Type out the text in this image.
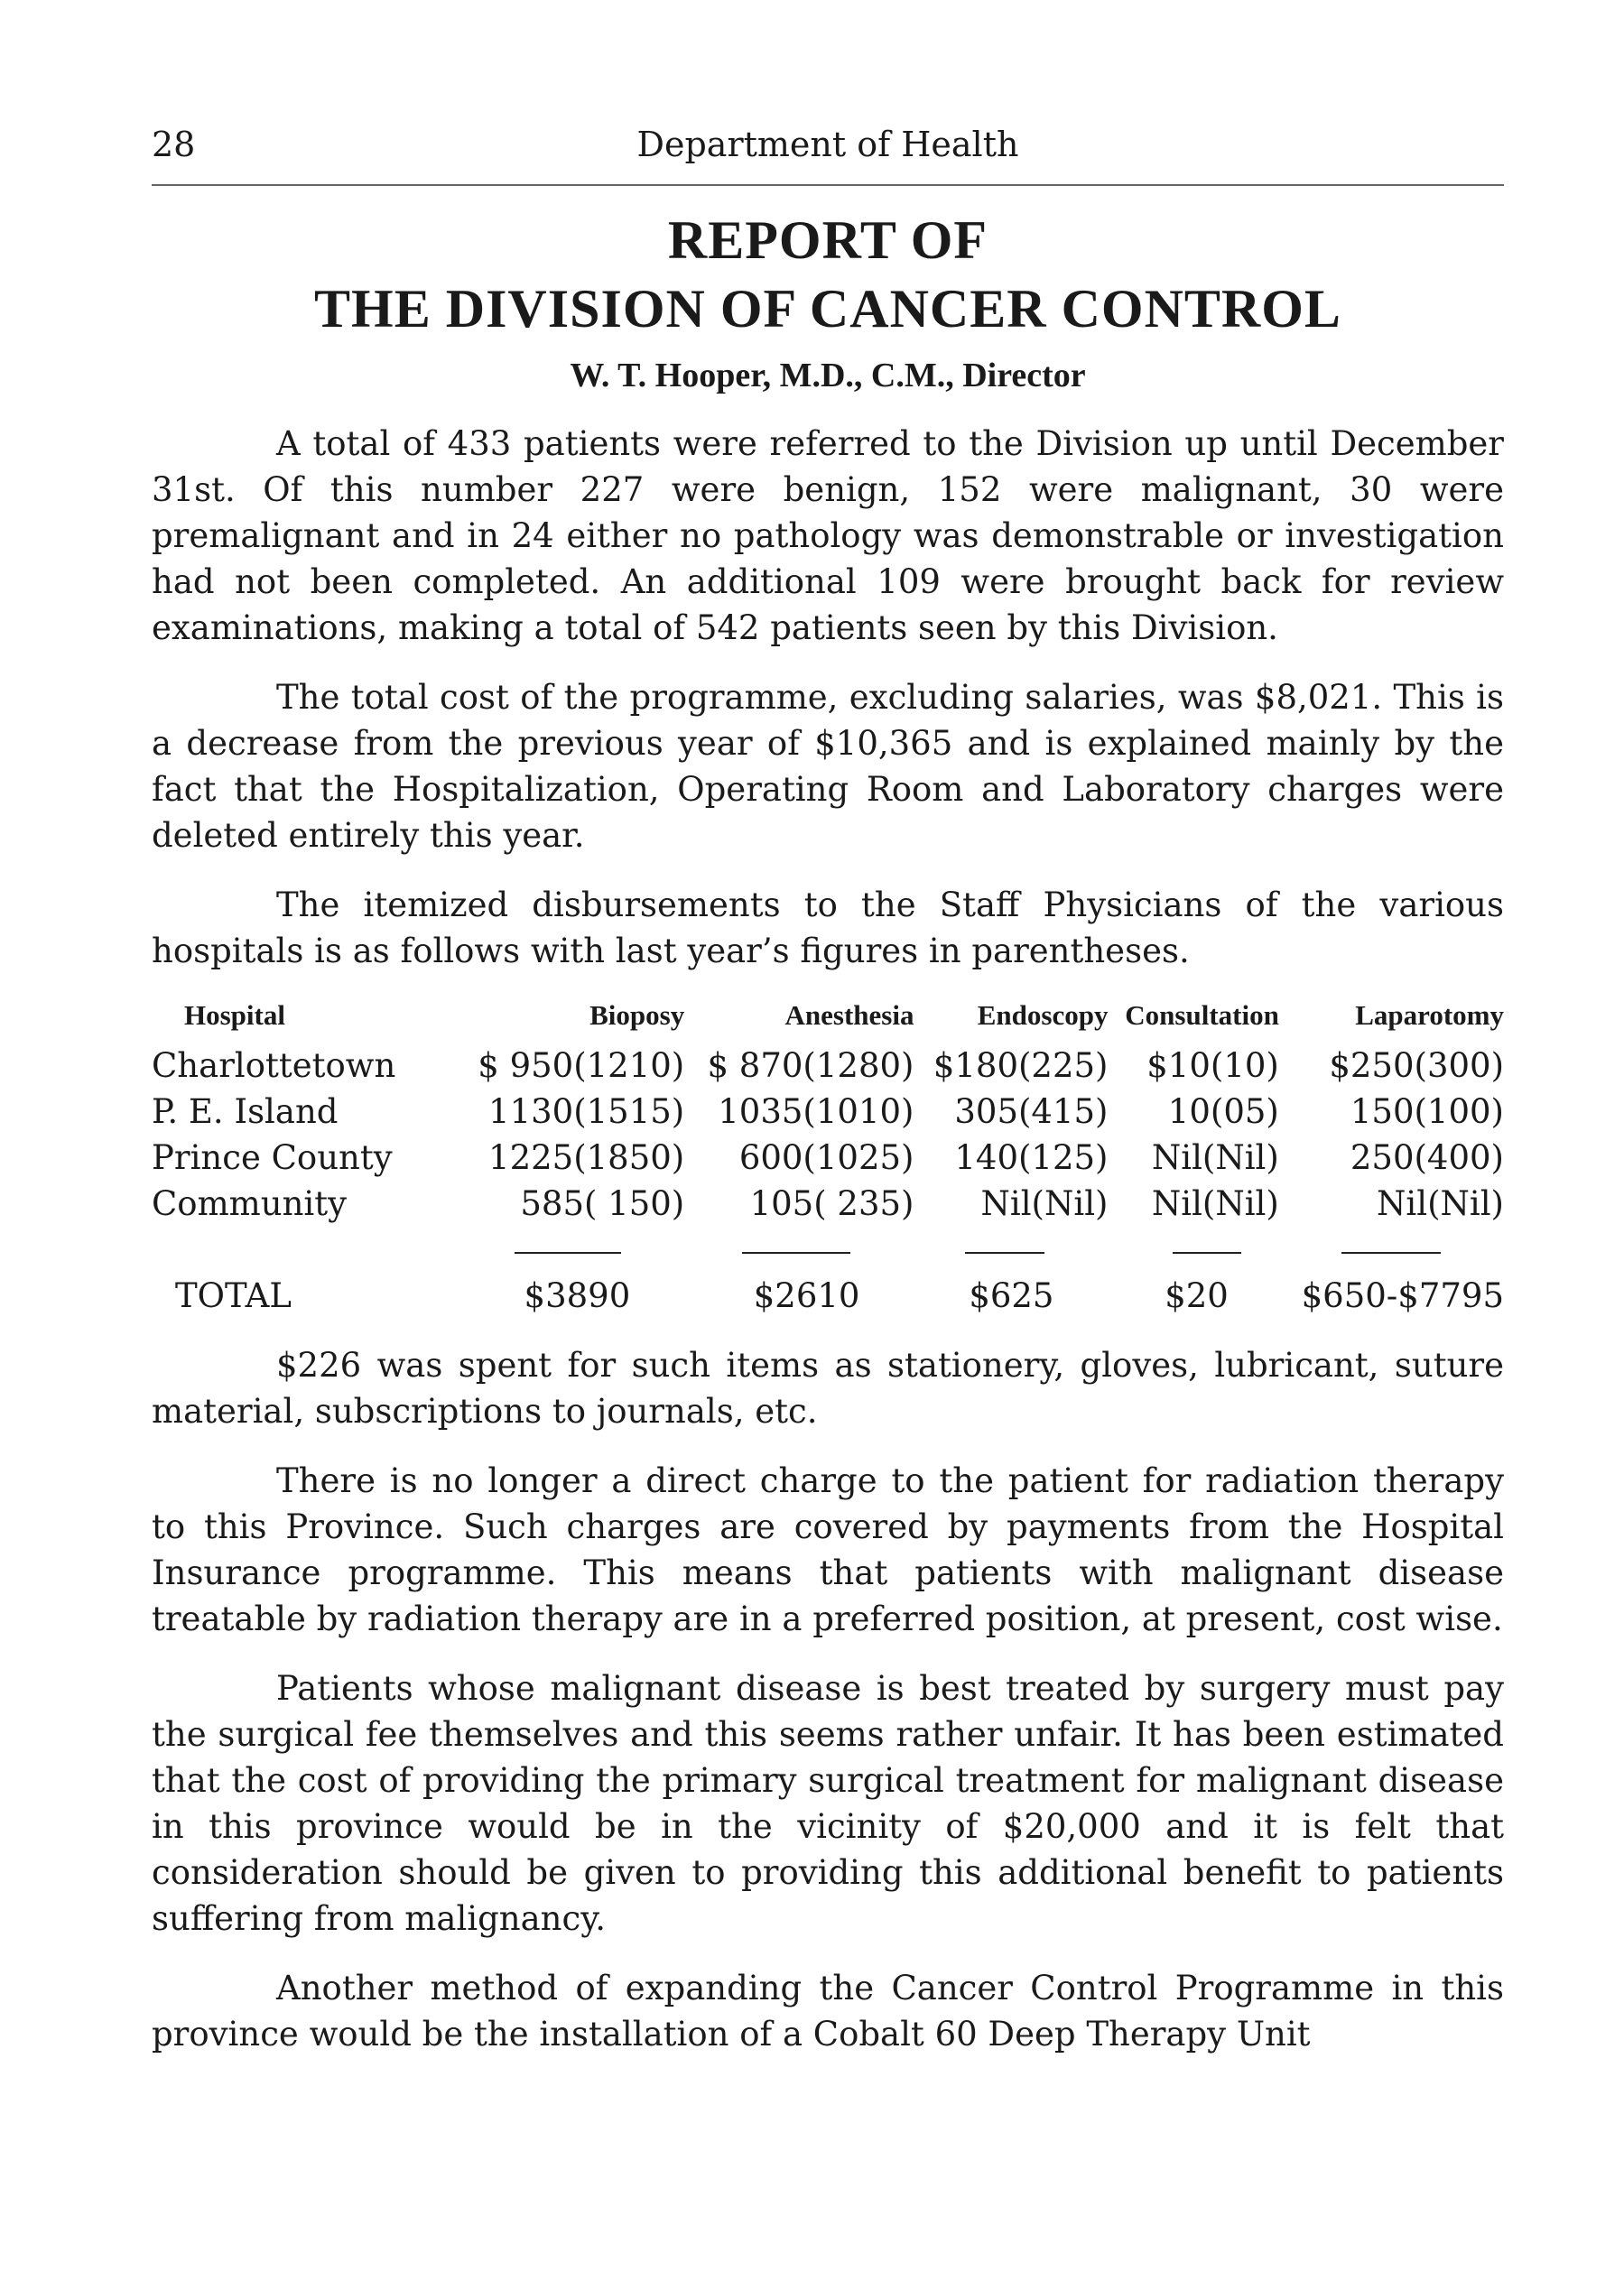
28	Department of Health
REPORT OF
THE DIVISION OF CANCER CONTROL
W. T. Hooper, M.D., C.M., Director

A total of 433 patients were referred to the Division up until December 31st. Of this number 227 were benign, 152 were malignant, 30 were premalignant and in 24 either no pathology was demonstrable or investigation had not been completed. An additional 109 were brought back for review examinations, making a total of 542 patients seen by this Division.

The total cost of the programme, excluding salaries, was $8,021. This is a decrease from the previous year of $10,365 and is explained mainly by the fact that the Hospitalization, Operating Room and Laboratory charges were deleted entirely this year.

The itemized disbursements to the Staff Physicians of the various hospitals is as follows with last year’s figures in parentheses.

Hospital	Bioposy	Anesthesia	Endoscopy	Consultation	Laparotomy
Charlottetown	$ 950(1210)	$ 870(1280)	$180(225)	$10(10)	$250(300)
P. E. Island	1130(1515)	1035(1010)	305(415)	10(05)	150(100)
Prince County	1225(1850)	600(1025)	140(125)	Nil(Nil)	250(400)
Community	585( 150)	105( 235)	Nil(Nil)	Nil(Nil)	Nil(Nil)

TOTAL	$3890	$2610	$625	$20	$650-$7795

$226 was spent for such items as stationery, gloves, lubricant, suture material, subscriptions to journals, etc.

There is no longer a direct charge to the patient for radiation therapy to this Province. Such charges are covered by payments from the Hospital Insurance programme. This means that patients with malignant disease treatable by radiation therapy are in a preferred position, at present, cost wise.

Patients whose malignant disease is best treated by surgery must pay the surgical fee themselves and this seems rather unfair. It has been estimated that the cost of providing the primary surgical treatment for malignant disease in this province would be in the vicinity of $20,000 and it is felt that consideration should be given to providing this additional benefit to patients suffering from malignancy.

Another method of expanding the Cancer Control Programme in this province would be the installation of a Cobalt 60 Deep Therapy Unit
